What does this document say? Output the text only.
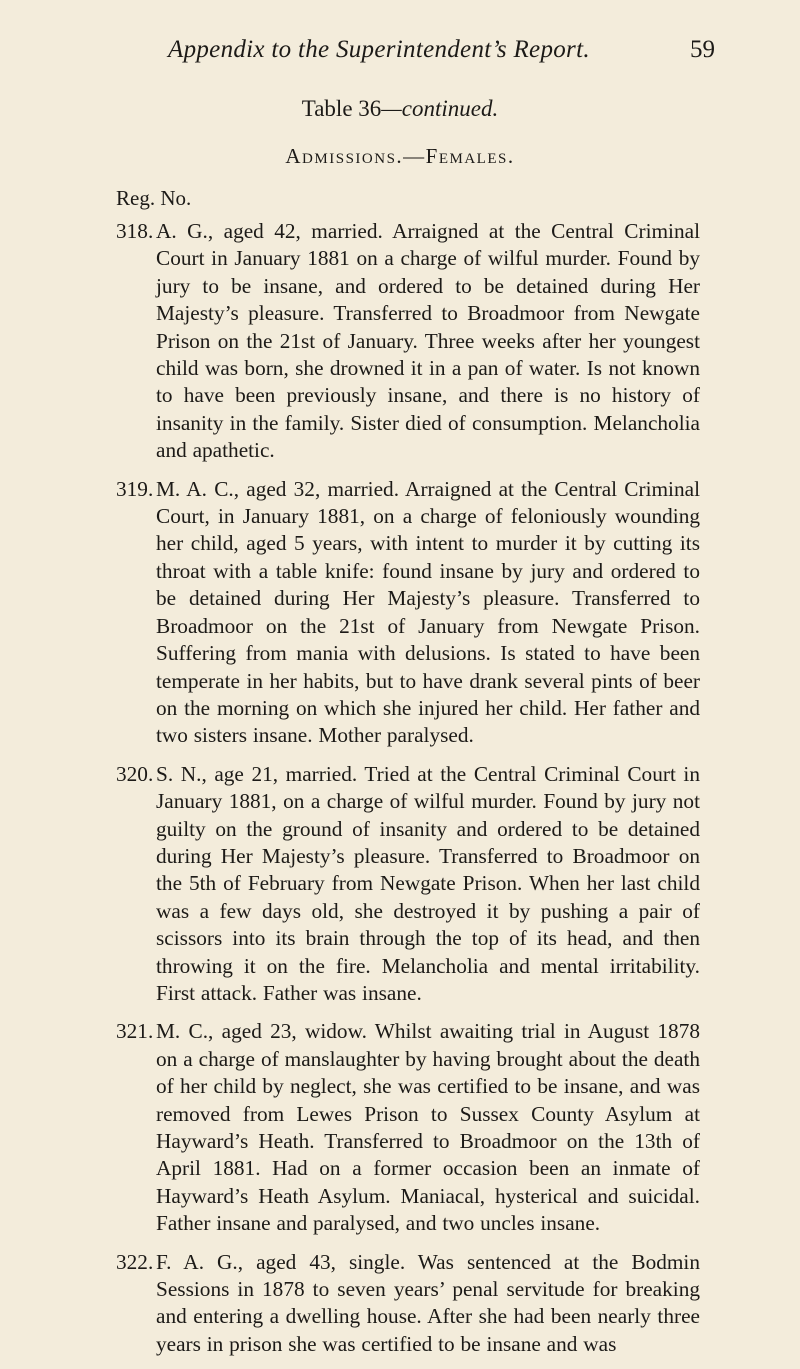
Appendix to the Superintendent’s Report.	59
Table 36—continued.
Admissions.—Females.
Reg. No.
318. A. G., aged 42, married. Arraigned at the Central Criminal Court in January 1881 on a charge of wilful murder. Found by jury to be insane, and ordered to be detained during Her Majesty’s pleasure. Transferred to Broadmoor from Newgate Prison on the 21st of January. Three weeks after her youngest child was born, she drowned it in a pan of water. Is not known to have been previously insane, and there is no history of insanity in the family. Sister died of consumption. Melancholia and apathetic.
319. M. A. C., aged 32, married. Arraigned at the Central Criminal Court, in January 1881, on a charge of feloniously wounding her child, aged 5 years, with intent to murder it by cutting its throat with a table knife: found insane by jury and ordered to be detained during Her Majesty’s pleasure. Transferred to Broadmoor on the 21st of January from Newgate Prison. Suffering from mania with delusions. Is stated to have been temperate in her habits, but to have drank several pints of beer on the morning on which she injured her child. Her father and two sisters insane. Mother paralysed.
320. S. N., age 21, married. Tried at the Central Criminal Court in January 1881, on a charge of wilful murder. Found by jury not guilty on the ground of insanity and ordered to be detained during Her Majesty’s pleasure. Transferred to Broadmoor on the 5th of February from Newgate Prison. When her last child was a few days old, she destroyed it by pushing a pair of scissors into its brain through the top of its head, and then throwing it on the fire. Melancholia and mental irritability. First attack. Father was insane.
321. M. C., aged 23, widow. Whilst awaiting trial in August 1878 on a charge of manslaughter by having brought about the death of her child by neglect, she was certified to be insane, and was removed from Lewes Prison to Sussex County Asylum at Hayward’s Heath. Transferred to Broadmoor on the 13th of April 1881. Had on a former occasion been an inmate of Hayward’s Heath Asylum. Maniacal, hysterical and suicidal. Father insane and paralysed, and two uncles insane.
322. F. A. G., aged 43, single. Was sentenced at the Bodmin Sessions in 1878 to seven years’ penal servitude for breaking and entering a dwelling house. After she had been nearly three years in prison she was certified to be insane and was
